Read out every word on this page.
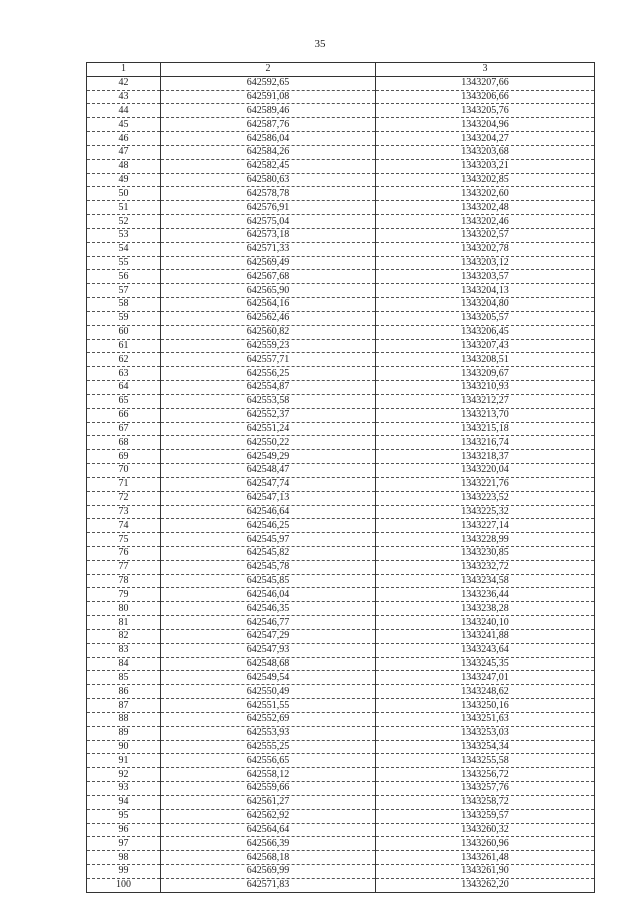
35
1	2	3
42	642592,65	1343207,66
43	642591,08	1343206,66
44	642589,46	1343205,76
45	642587,76	1343204,96
46	642586,04	1343204,27
47	642584,26	1343203,68
48	642582,45	1343203,21
49	642580,63	1343202,85
50	642578,78	1343202,60
51	642576,91	1343202,48
52	642575,04	1343202,46
53	642573,18	1343202,57
54	642571,33	1343202,78
55	642569,49	1343203,12
56	642567,68	1343203,57
57	642565,90	1343204,13
58	642564,16	1343204,80
59	642562,46	1343205,57
60	642560,82	1343206,45
61	642559,23	1343207,43
62	642557,71	1343208,51
63	642556,25	1343209,67
64	642554,87	1343210,93
65	642553,58	1343212,27
66	642552,37	1343213,70
67	642551,24	1343215,18
68	642550,22	1343216,74
69	642549,29	1343218,37
70	642548,47	1343220,04
71	642547,74	1343221,76
72	642547,13	1343223,52
73	642546,64	1343225,32
74	642546,25	1343227,14
75	642545,97	1343228,99
76	642545,82	1343230,85
77	642545,78	1343232,72
78	642545,85	1343234,58
79	642546,04	1343236,44
80	642546,35	1343238,28
81	642546,77	1343240,10
82	642547,29	1343241,88
83	642547,93	1343243,64
84	642548,68	1343245,35
85	642549,54	1343247,01
86	642550,49	1343248,62
87	642551,55	1343250,16
88	642552,69	1343251,63
89	642553,93	1343253,03
90	642555,25	1343254,34
91	642556,65	1343255,58
92	642558,12	1343256,72
93	642559,66	1343257,76
94	642561,27	1343258,72
95	642562,92	1343259,57
96	642564,64	1343260,32
97	642566,39	1343260,96
98	642568,18	1343261,48
99	642569,99	1343261,90
100	642571,83	1343262,20
